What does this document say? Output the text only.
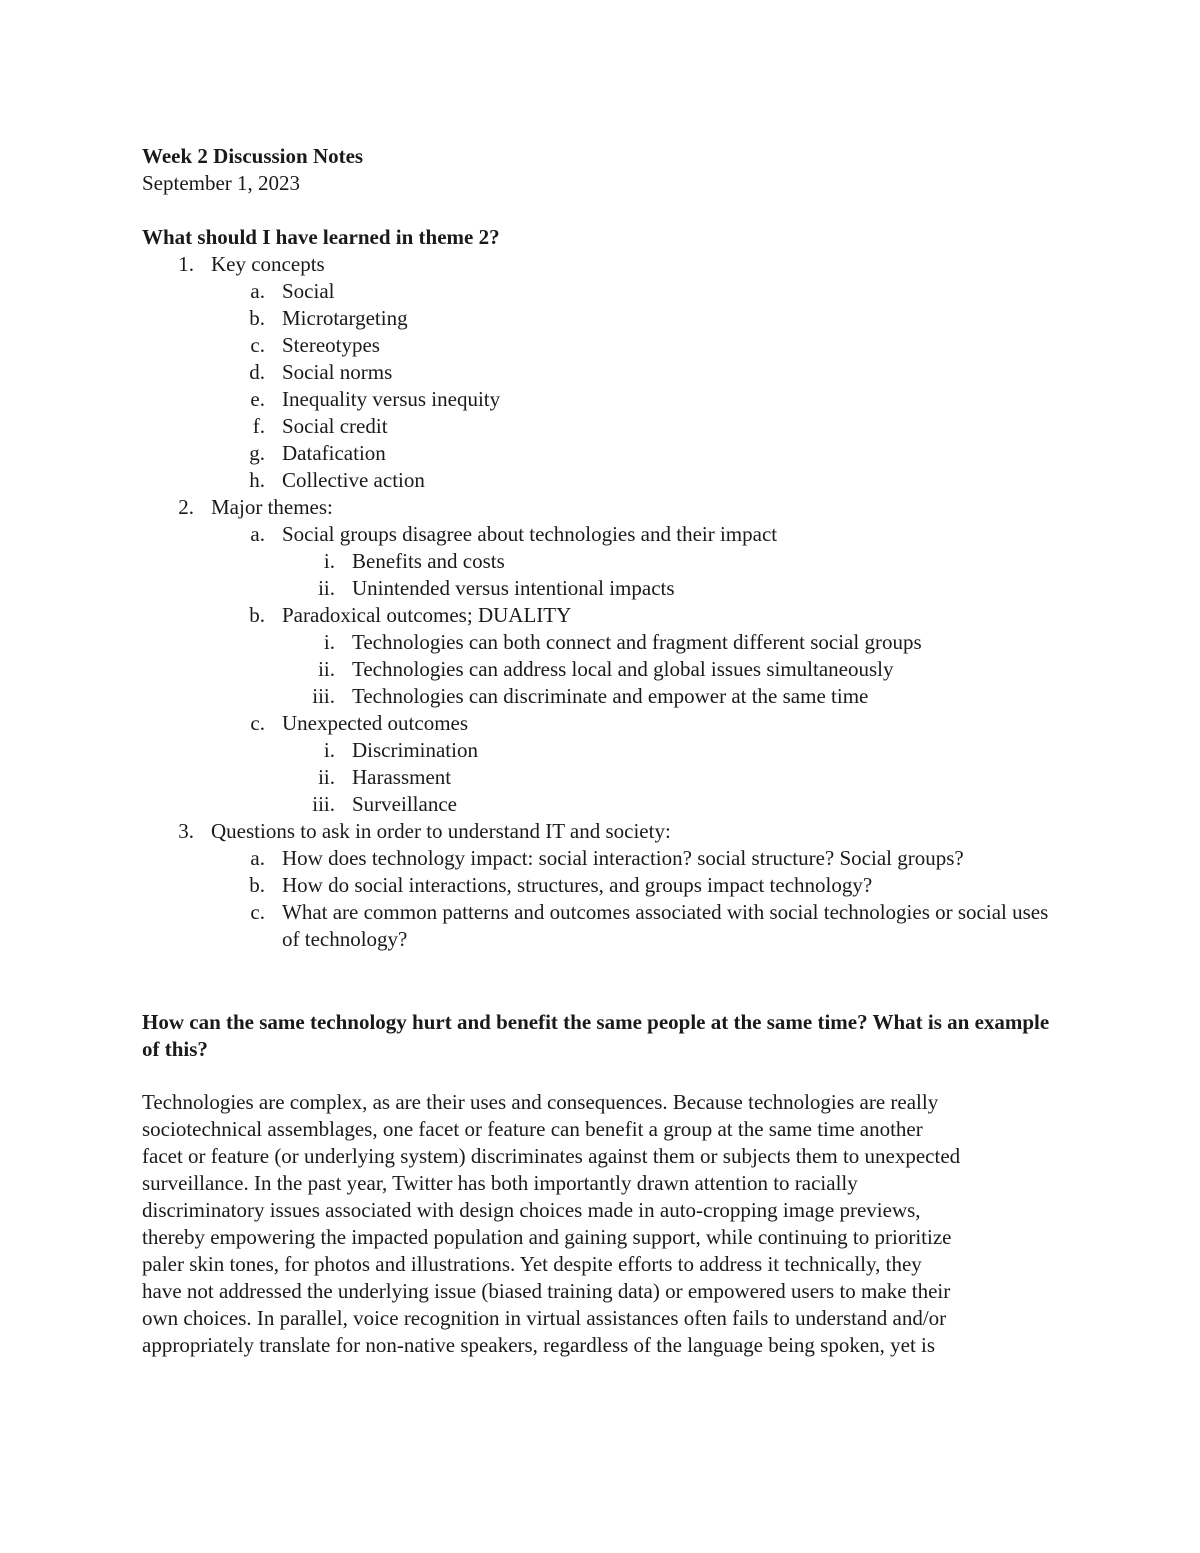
Week 2 Discussion Notes
September 1, 2023
What should I have learned in theme 2?
1. Key concepts
a. Social
b. Microtargeting
c. Stereotypes
d. Social norms
e. Inequality versus inequity
f. Social credit
g. Datafication
h. Collective action
2. Major themes:
a. Social groups disagree about technologies and their impact
i. Benefits and costs
ii. Unintended versus intentional impacts
b. Paradoxical outcomes; DUALITY
i. Technologies can both connect and fragment different social groups
ii. Technologies can address local and global issues simultaneously
iii. Technologies can discriminate and empower at the same time
c. Unexpected outcomes
i. Discrimination
ii. Harassment
iii. Surveillance
3. Questions to ask in order to understand IT and society:
a. How does technology impact: social interaction? social structure? Social groups?
b. How do social interactions, structures, and groups impact technology?
c. What are common patterns and outcomes associated with social technologies or social uses of technology?
How can the same technology hurt and benefit the same people at the same time? What is an example of this?
Technologies are complex, as are their uses and consequences. Because technologies are really
sociotechnical assemblages, one facet or feature can benefit a group at the same time another
facet or feature (or underlying system) discriminates against them or subjects them to unexpected
surveillance. In the past year, Twitter has both importantly drawn attention to racially
discriminatory issues associated with design choices made in auto-cropping image previews,
thereby empowering the impacted population and gaining support, while continuing to prioritize
paler skin tones, for photos and illustrations. Yet despite efforts to address it technically, they
have not addressed the underlying issue (biased training data) or empowered users to make their
own choices. In parallel, voice recognition in virtual assistances often fails to understand and/or
appropriately translate for non-native speakers, regardless of the language being spoken, yet is
